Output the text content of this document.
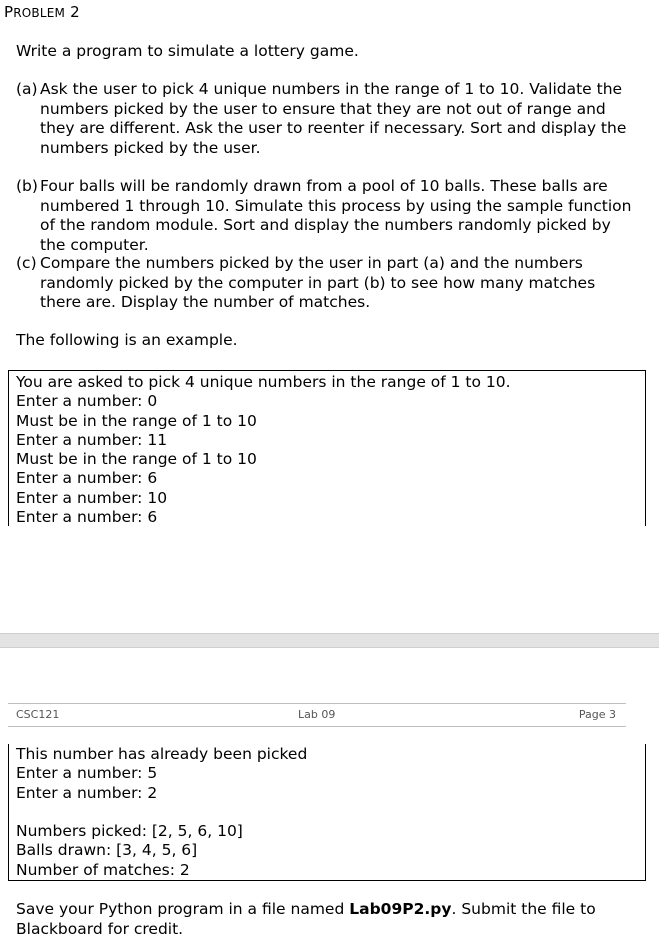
PROBLEM 2

Write a program to simulate a lottery game.

(a) Ask the user to pick 4 unique numbers in the range of 1 to 10. Validate the numbers picked by the user to ensure that they are not out of range and they are different. Ask the user to reenter if necessary. Sort and display the numbers picked by the user.
(b) Four balls will be randomly drawn from a pool of 10 balls. These balls are numbered 1 through 10. Simulate this process by using the sample function of the random module. Sort and display the numbers randomly picked by the computer.
(c) Compare the numbers picked by the user in part (a) and the numbers randomly picked by the computer in part (b) to see how many matches there are. Display the number of matches.

The following is an example.

You are asked to pick 4 unique numbers in the range of 1 to 10.
Enter a number: 0
Must be in the range of 1 to 10
Enter a number: 11
Must be in the range of 1 to 10
Enter a number: 6
Enter a number: 10
Enter a number: 6
CSC121	Lab 09	Page 3
This number has already been picked
Enter a number: 5
Enter a number: 2
Numbers picked: [2, 5, 6, 10]
Balls drawn: [3, 4, 5, 6]
Number of matches: 2
Save your Python program in a file named Lab09P2.py. Submit the file to Blackboard for credit.
